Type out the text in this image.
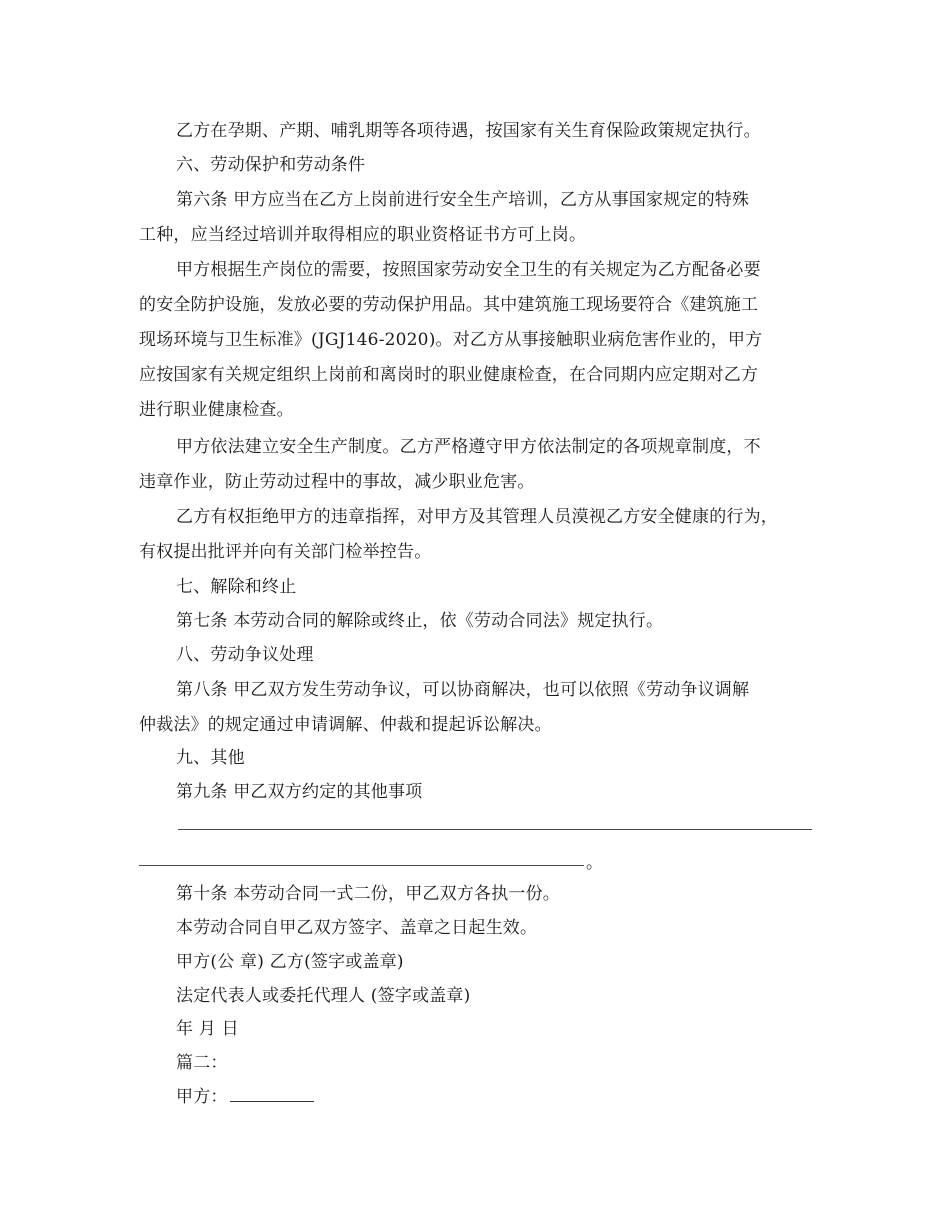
乙方在孕期、产期、哺乳期等各项待遇，按国家有关生育保险政策规定执行。
六、劳动保护和劳动条件
第六条 甲方应当在乙方上岗前进行安全生产培训，乙方从事国家规定的特殊
工种，应当经过培训并取得相应的职业资格证书方可上岗。
甲方根据生产岗位的需要，按照国家劳动安全卫生的有关规定为乙方配备必要
的安全防护设施，发放必要的劳动保护用品。其中建筑施工现场要符合《建筑施工
现场环境与卫生标准》(JGJ146-2020)。对乙方从事接触职业病危害作业的，甲方
应按国家有关规定组织上岗前和离岗时的职业健康检查，在合同期内应定期对乙方
进行职业健康检查。
甲方依法建立安全生产制度。乙方严格遵守甲方依法制定的各项规章制度，不
违章作业，防止劳动过程中的事故，减少职业危害。
乙方有权拒绝甲方的违章指挥，对甲方及其管理人员漠视乙方安全健康的行为，
有权提出批评并向有关部门检举控告。
七、解除和终止
第七条 本劳动合同的解除或终止，依《劳动合同法》规定执行。
八、劳动争议处理
第八条 甲乙双方发生劳动争议，可以协商解决，也可以依照《劳动争议调解
仲裁法》的规定通过申请调解、仲裁和提起诉讼解决。
九、其他
第九条 甲乙双方约定的其他事项
。
第十条 本劳动合同一式二份，甲乙双方各执一份。
本劳动合同自甲乙双方签字、盖章之日起生效。
甲方(公 章) 乙方(签字或盖章)
法定代表人或委托代理人 (签字或盖章)
年 月 日
篇二：
甲方：
